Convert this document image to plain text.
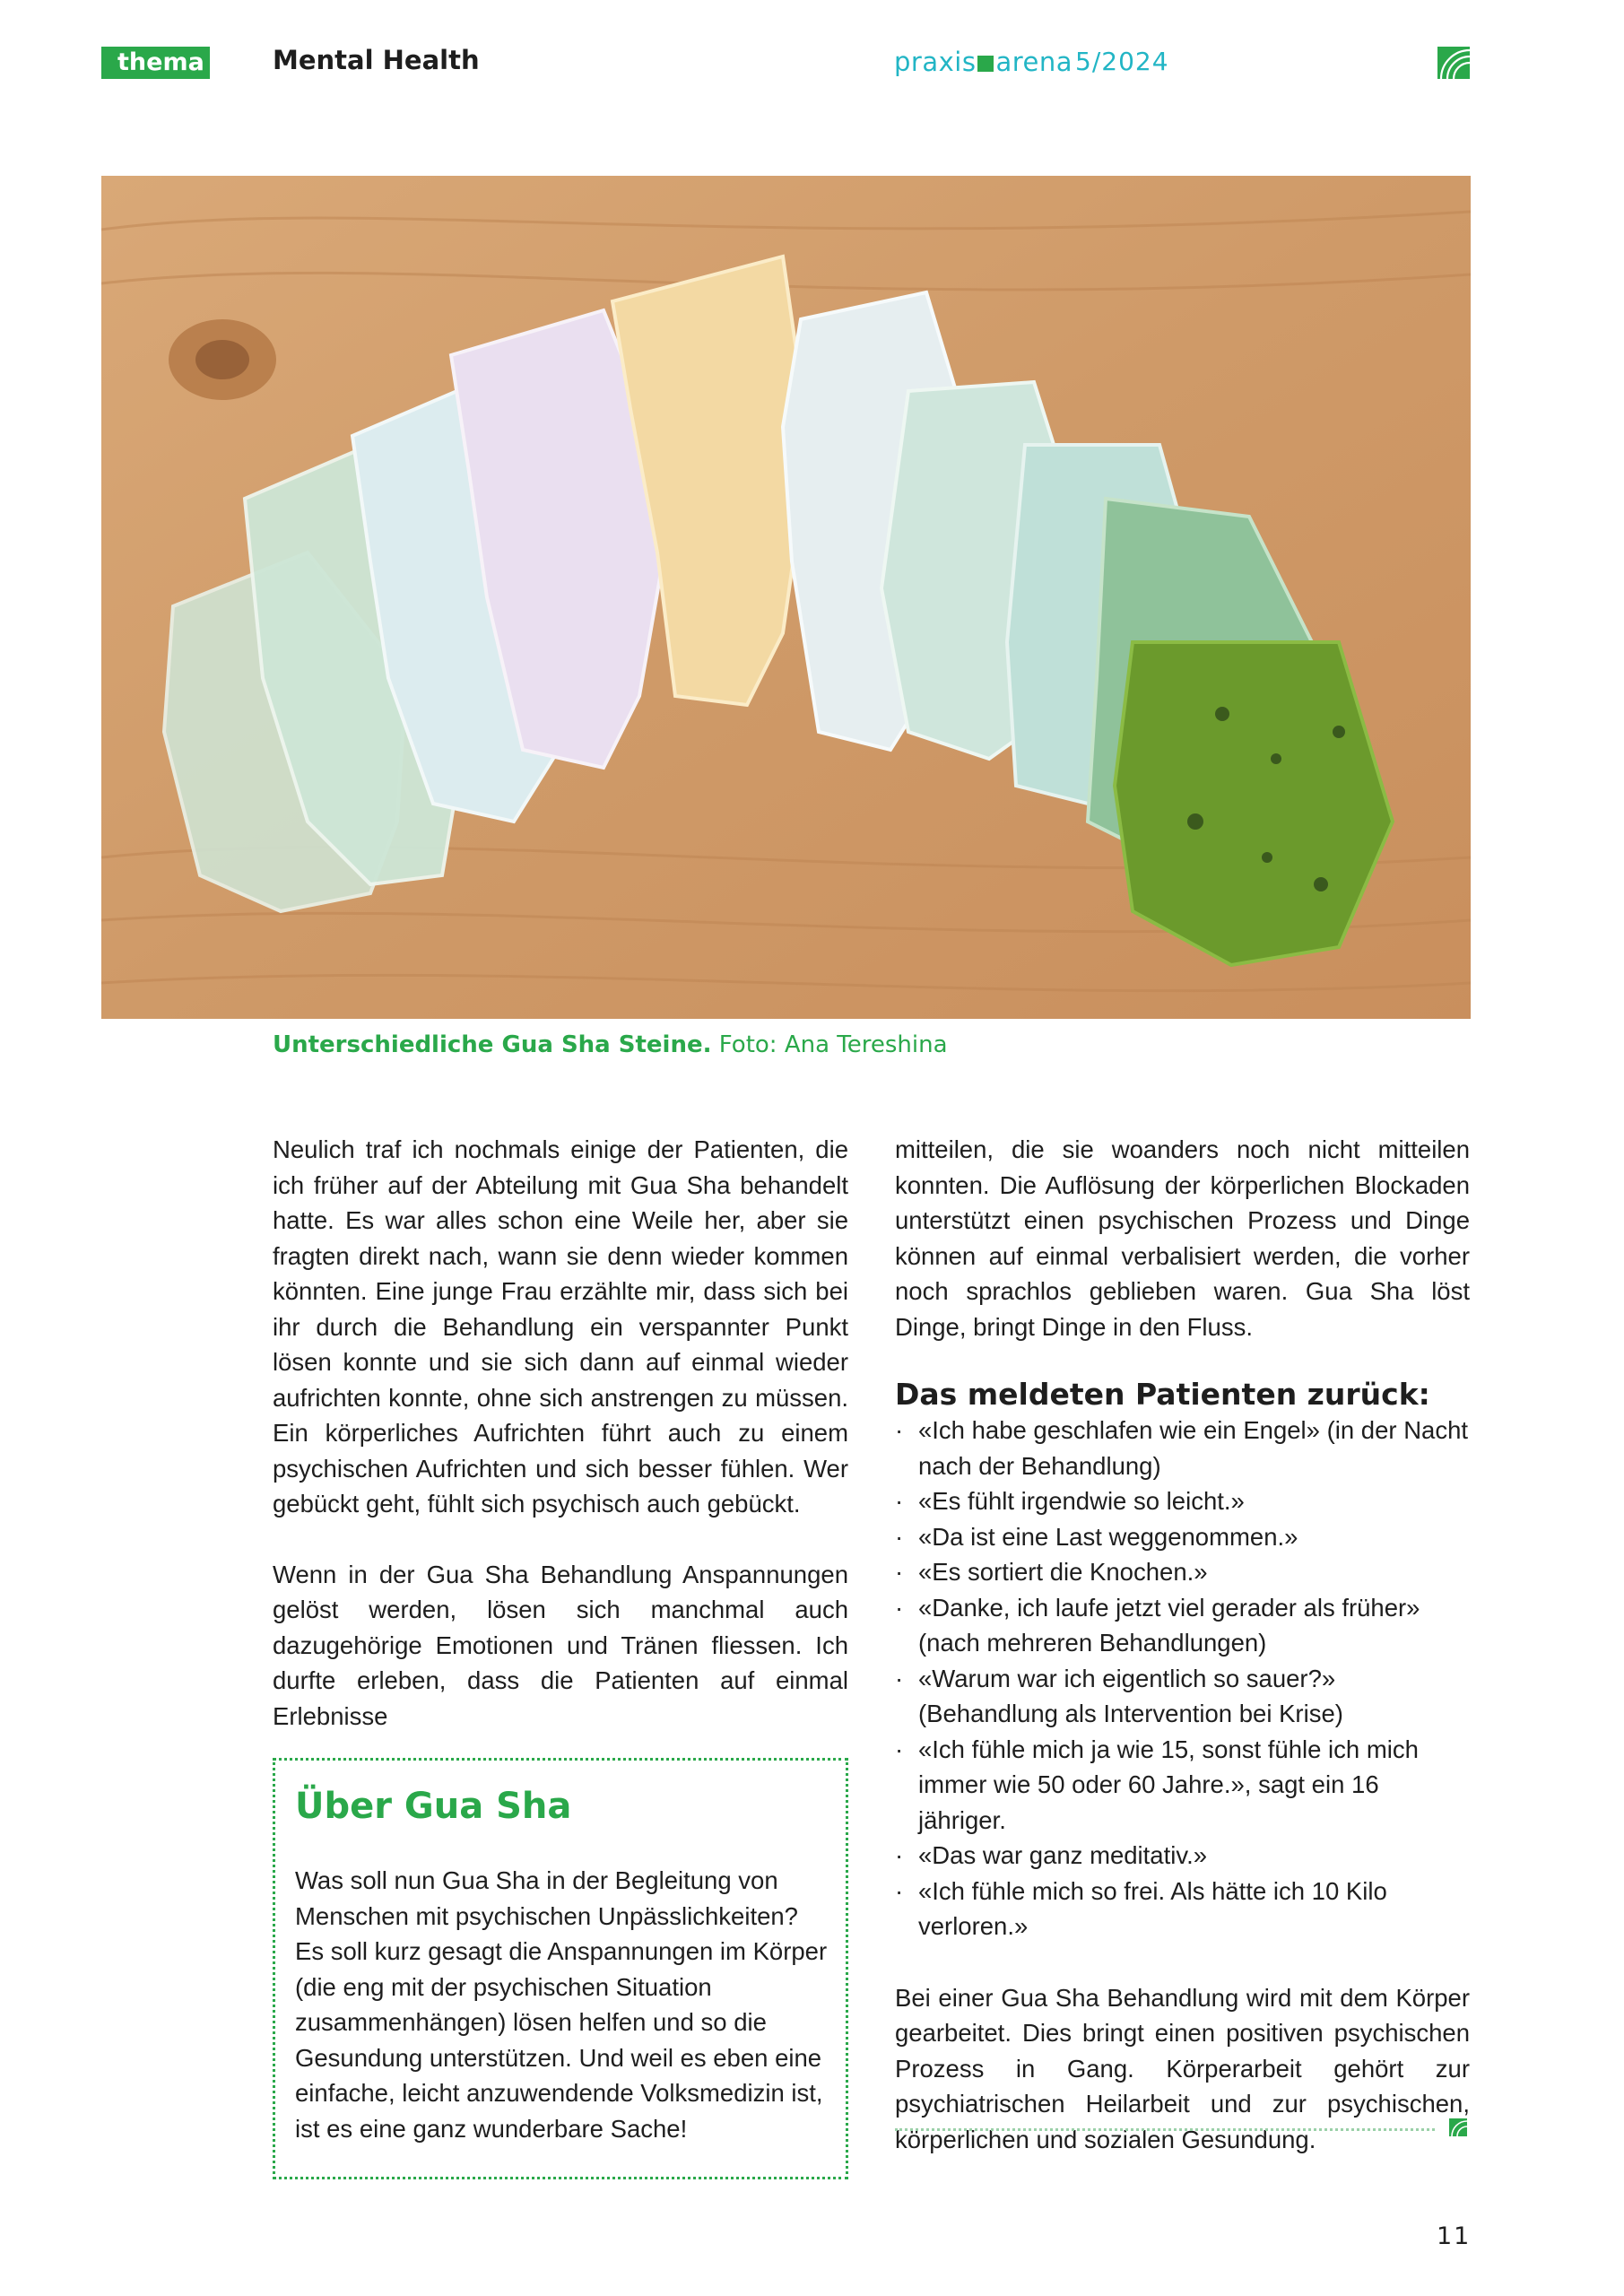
thema	Mental Health	praxis arena 5/2024
Unterschiedliche Gua Sha Steine. Foto: Ana Tereshina

Neulich traf ich nochmals einige der Patienten, die ich früher auf der Abteilung mit Gua Sha behandelt hatte. Es war alles schon eine Weile her, aber sie fragten direkt nach, wann sie denn wieder kommen könnten. Eine junge Frau erzählte mir, dass sich bei ihr durch die Behandlung ein verspannter Punkt lösen konnte und sie sich dann auf einmal wieder aufrichten konnte, ohne sich anstrengen zu müssen. Ein körperliches Aufrichten führt auch zu einem psychischen Aufrichten und sich besser fühlen. Wer gebückt geht, fühlt sich psychisch auch gebückt.

Wenn in der Gua Sha Behandlung Anspannungen gelöst werden, lösen sich manchmal auch dazugehörige Emotionen und Tränen fliessen. Ich durfte erleben, dass die Patienten auf einmal Erlebnisse

Über Gua Sha

Was soll nun Gua Sha in der Begleitung von Menschen mit psychischen Unpässlichkeiten? Es soll kurz gesagt die Anspannungen im Körper (die eng mit der psychischen Situation zusammenhängen) lösen helfen und so die Gesundung unterstützen. Und weil es eben eine einfache, leicht anzuwendende Volksmedizin ist, ist es eine ganz wunderbare Sache!

mitteilen, die sie woanders noch nicht mitteilen konnten. Die Auflösung der körperlichen Blockaden unterstützt einen psychischen Prozess und Dinge können auf einmal verbalisiert werden, die vorher noch sprachlos geblieben waren. Gua Sha löst Dinge, bringt Dinge in den Fluss.

Das meldeten Patienten zurück:
· «Ich habe geschlafen wie ein Engel» (in der Nacht nach der Behandlung)
· «Es fühlt irgendwie so leicht.»
· «Da ist eine Last weggenommen.»
· «Es sortiert die Knochen.»
· «Danke, ich laufe jetzt viel gerader als früher» (nach mehreren Behandlungen)
· «Warum war ich eigentlich so sauer?» (Behandlung als Intervention bei Krise)
· «Ich fühle mich ja wie 15, sonst fühle ich mich immer wie 50 oder 60 Jahre.», sagt ein 16 jähriger.
· «Das war ganz meditativ.»
· «Ich fühle mich so frei. Als hätte ich 10 Kilo verloren.»

Bei einer Gua Sha Behandlung wird mit dem Körper gearbeitet. Dies bringt einen positiven psychischen Prozess in Gang. Körperarbeit gehört zur psychiatrischen Heilarbeit und zur psychischen, körperlichen und sozialen Gesundung.

11
